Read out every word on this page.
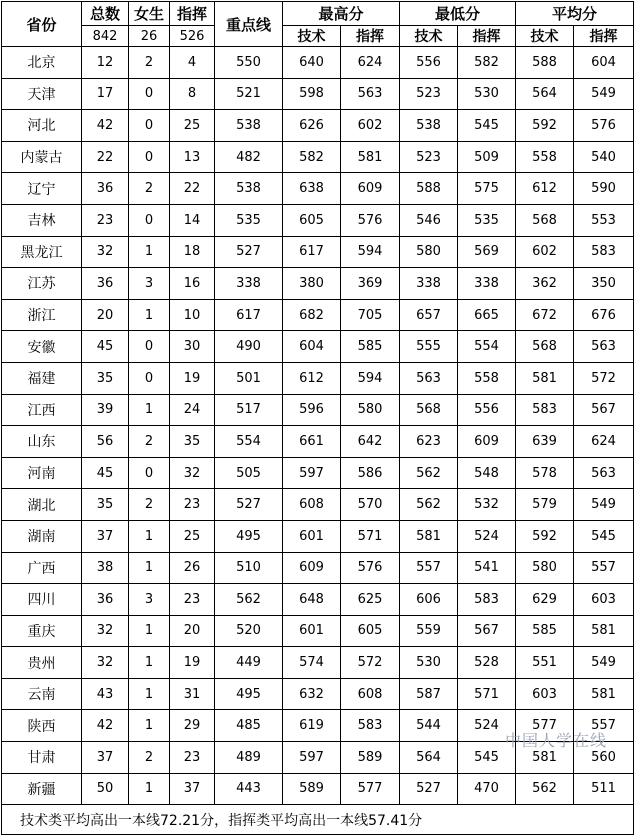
省份	总数	女生	指挥	重点线	最高分		最低分		平均分	
	842	26	526		技术	指挥	技术	指挥	技术	指挥
北京	12	2	4	550	640	624	556	582	588	604
天津	17	0	8	521	598	563	523	530	564	549
河北	42	0	25	538	626	602	538	545	592	576
内蒙古	22	0	13	482	582	581	523	509	558	540
辽宁	36	2	22	538	638	609	588	575	612	590
吉林	23	0	14	535	605	576	546	535	568	553
黑龙江	32	1	18	527	617	594	580	569	602	583
江苏	36	3	16	338	380	369	338	338	362	350
浙江	20	1	10	617	682	705	657	665	672	676
安徽	45	0	30	490	604	585	555	554	568	563
福建	35	0	19	501	612	594	563	558	581	572
江西	39	1	24	517	596	580	568	556	583	567
山东	56	2	35	554	661	642	623	609	639	624
河南	45	0	32	505	597	586	562	548	578	563
湖北	35	2	23	527	608	570	562	532	579	549
湖南	37	1	25	495	601	571	581	524	592	545
广西	38	1	26	510	609	576	557	541	580	557
四川	36	3	23	562	648	625	606	583	629	603
重庆	32	1	20	520	601	605	559	567	585	581
贵州	32	1	19	449	574	572	530	528	551	549
云南	43	1	31	495	632	608	587	571	603	581
陕西	42	1	29	485	619	583	544	524	577	557
甘肃	37	2	23	489	597	589	564	545	581	560
新疆	50	1	37	443	589	577	527	470	562	511
技术类平均高出一本线72.21分，指挥类平均高出一本线57.41分										
中国人学在线
